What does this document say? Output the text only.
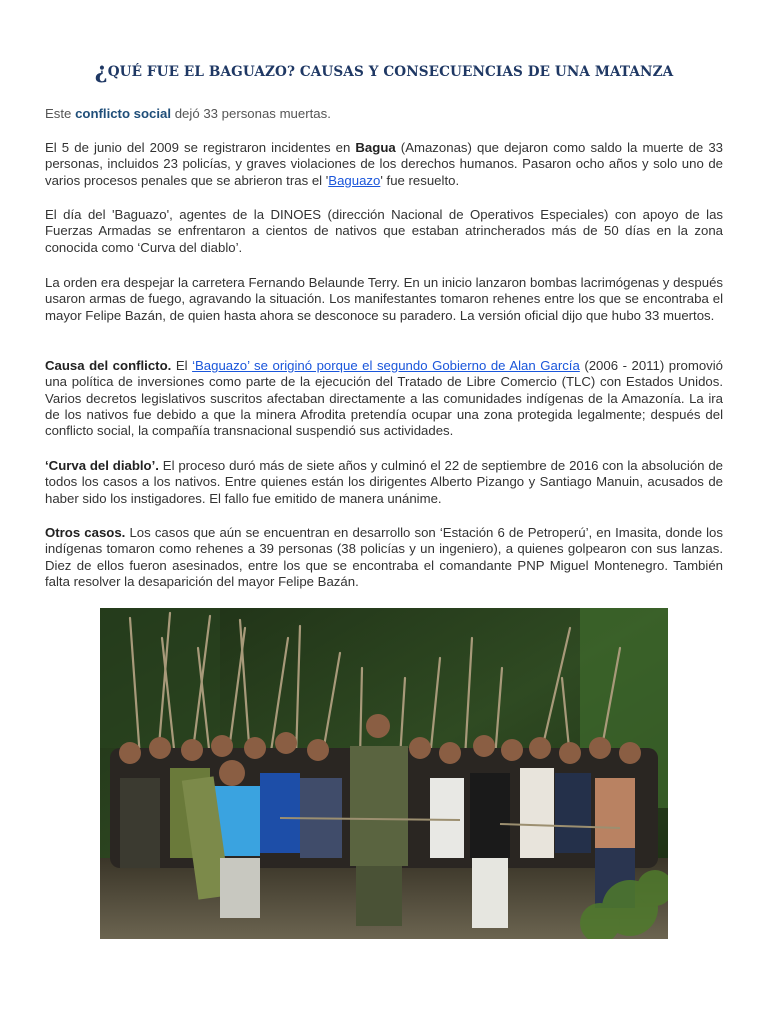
¿QUÉ FUE EL BAGUAZO? CAUSAS Y CONSECUENCIAS DE UNA MATANZA

Este conflicto social dejó 33 personas muertas.

El 5 de junio del 2009 se registraron incidentes en Bagua (Amazonas) que dejaron como saldo la muerte de 33 personas, incluidos 23 policías, y graves violaciones de los derechos humanos. Pasaron ocho años y solo uno de varios procesos penales que se abrieron tras el 'Baguazo' fue resuelto.

El día del 'Baguazo', agentes de la DINOES (dirección Nacional de Operativos Especiales) con apoyo de las Fuerzas Armadas se enfrentaron a cientos de nativos que estaban atrincherados más de 50 días en la zona conocida como ‘Curva del diablo’.

La orden era despejar la carretera Fernando Belaunde Terry. En un inicio lanzaron bombas lacrimógenas y después usaron armas de fuego, agravando la situación. Los manifestantes tomaron rehenes entre los que se encontraba el mayor Felipe Bazán, de quien hasta ahora se desconoce su paradero. La versión oficial dijo que hubo 33 muertos.

Causa del conflicto. El ‘Baguazo’ se originó porque el segundo Gobierno de Alan García (2006 - 2011) promovió una política de inversiones como parte de la ejecución del Tratado de Libre Comercio (TLC) con Estados Unidos. Varios decretos legislativos suscritos afectaban directamente a las comunidades indígenas de la Amazonía. La ira de los nativos fue debido a que la minera Afrodita pretendía ocupar una zona protegida legalmente; después del conflicto social, la compañía transnacional suspendió sus actividades.

‘Curva del diablo’. El proceso duró más de siete años y culminó el 22 de septiembre de 2016 con la absolución de todos los casos a los nativos. Entre quienes están los dirigentes Alberto Pizango y Santiago Manuin, acusados de haber sido los instigadores. El fallo fue emitido de manera unánime.

Otros casos. Los casos que aún se encuentran en desarrollo son ‘Estación 6 de Petroperú’, en Imasita, donde los indígenas tomaron como rehenes a 39 personas (38 policías y un ingeniero), a quienes golpearon con sus lanzas. Diez de ellos fueron asesinados, entre los que se encontraba el comandante PNP Miguel Montenegro. También falta resolver la desaparición del mayor Felipe Bazán.
